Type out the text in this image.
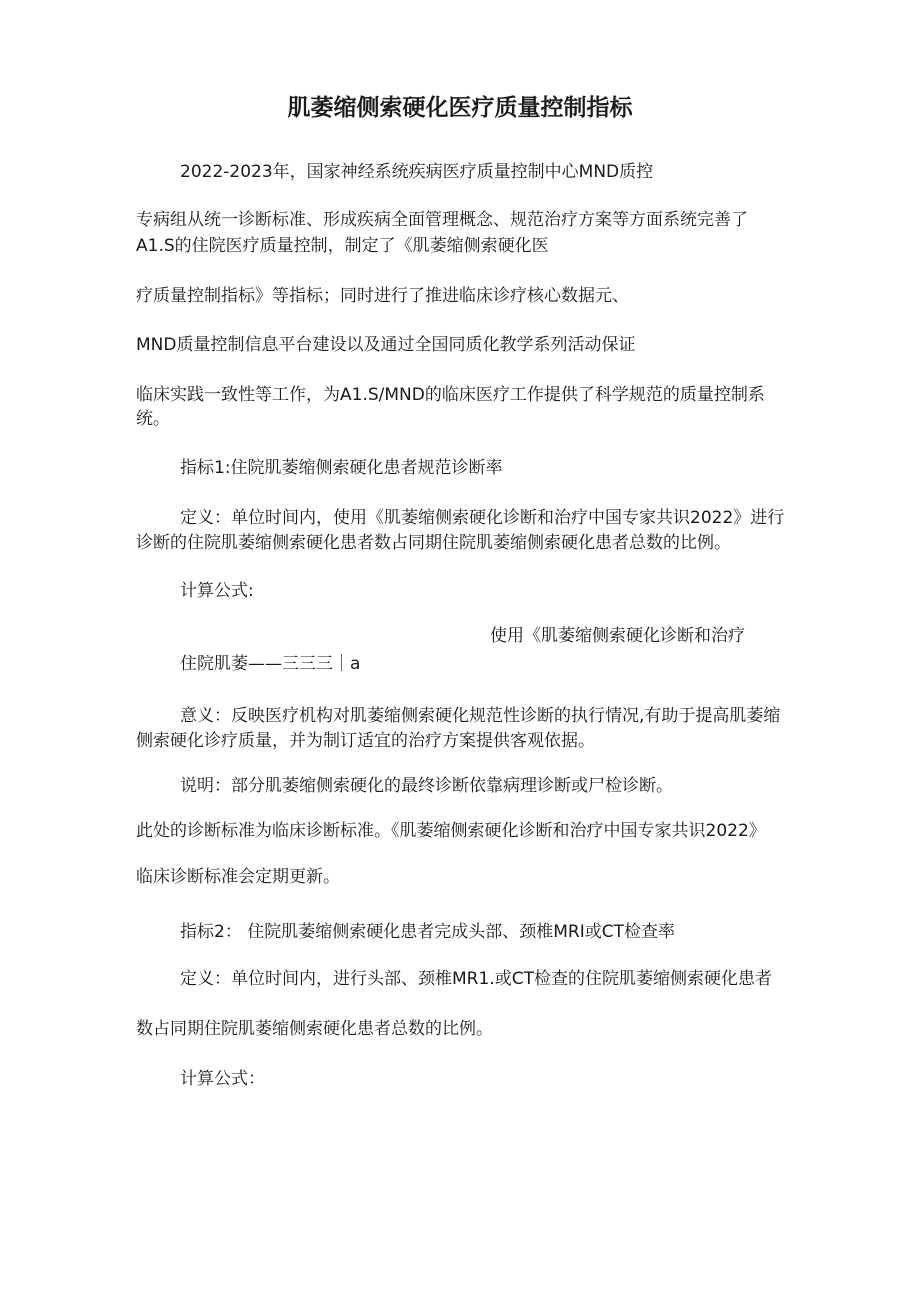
肌萎缩侧索硬化医疗质量控制指标

2022-2023年，国家神经系统疾病医疗质量控制中心MND质控

专病组从统一诊断标准、形成疾病全面管理概念、规范治疗方案等方面系统完善了

A1.S的住院医疗质量控制，制定了《肌萎缩侧索硬化医

疗质量控制指标》等指标；同时进行了推进临床诊疗核心数据元、

MND质量控制信息平台建设以及通过全国同质化教学系列活动保证

临床实践一致性等工作，为A1.S/MND的临床医疗工作提供了科学规范的质量控制系

统。

指标1:住院肌萎缩侧索硬化患者规范诊断率

定义：单位时间内，使用《肌萎缩侧索硬化诊断和治疗中国专家共识2022》进行

诊断的住院肌萎缩侧索硬化患者数占同期住院肌萎缩侧索硬化患者总数的比例。

计算公式:

使用《肌萎缩侧索硬化诊断和治疗

住院肌萎——三三三｜a

意义：反映医疗机构对肌萎缩侧索硬化规范性诊断的执行情况,有助于提高肌萎缩

侧索硬化诊疗质量，并为制订适宜的治疗方案提供客观依据。

说明：部分肌萎缩侧索硬化的最终诊断依靠病理诊断或尸检诊断。

此处的诊断标准为临床诊断标准。《肌萎缩侧索硬化诊断和治疗中国专家共识2022》

临床诊断标准会定期更新。

指标2： 住院肌萎缩侧索硬化患者完成头部、颈椎MRI或CT检查率

定义：单位时间内，进行头部、颈椎MR1.或CT检查的住院肌萎缩侧索硬化患者

数占同期住院肌萎缩侧索硬化患者总数的比例。

计算公式：
